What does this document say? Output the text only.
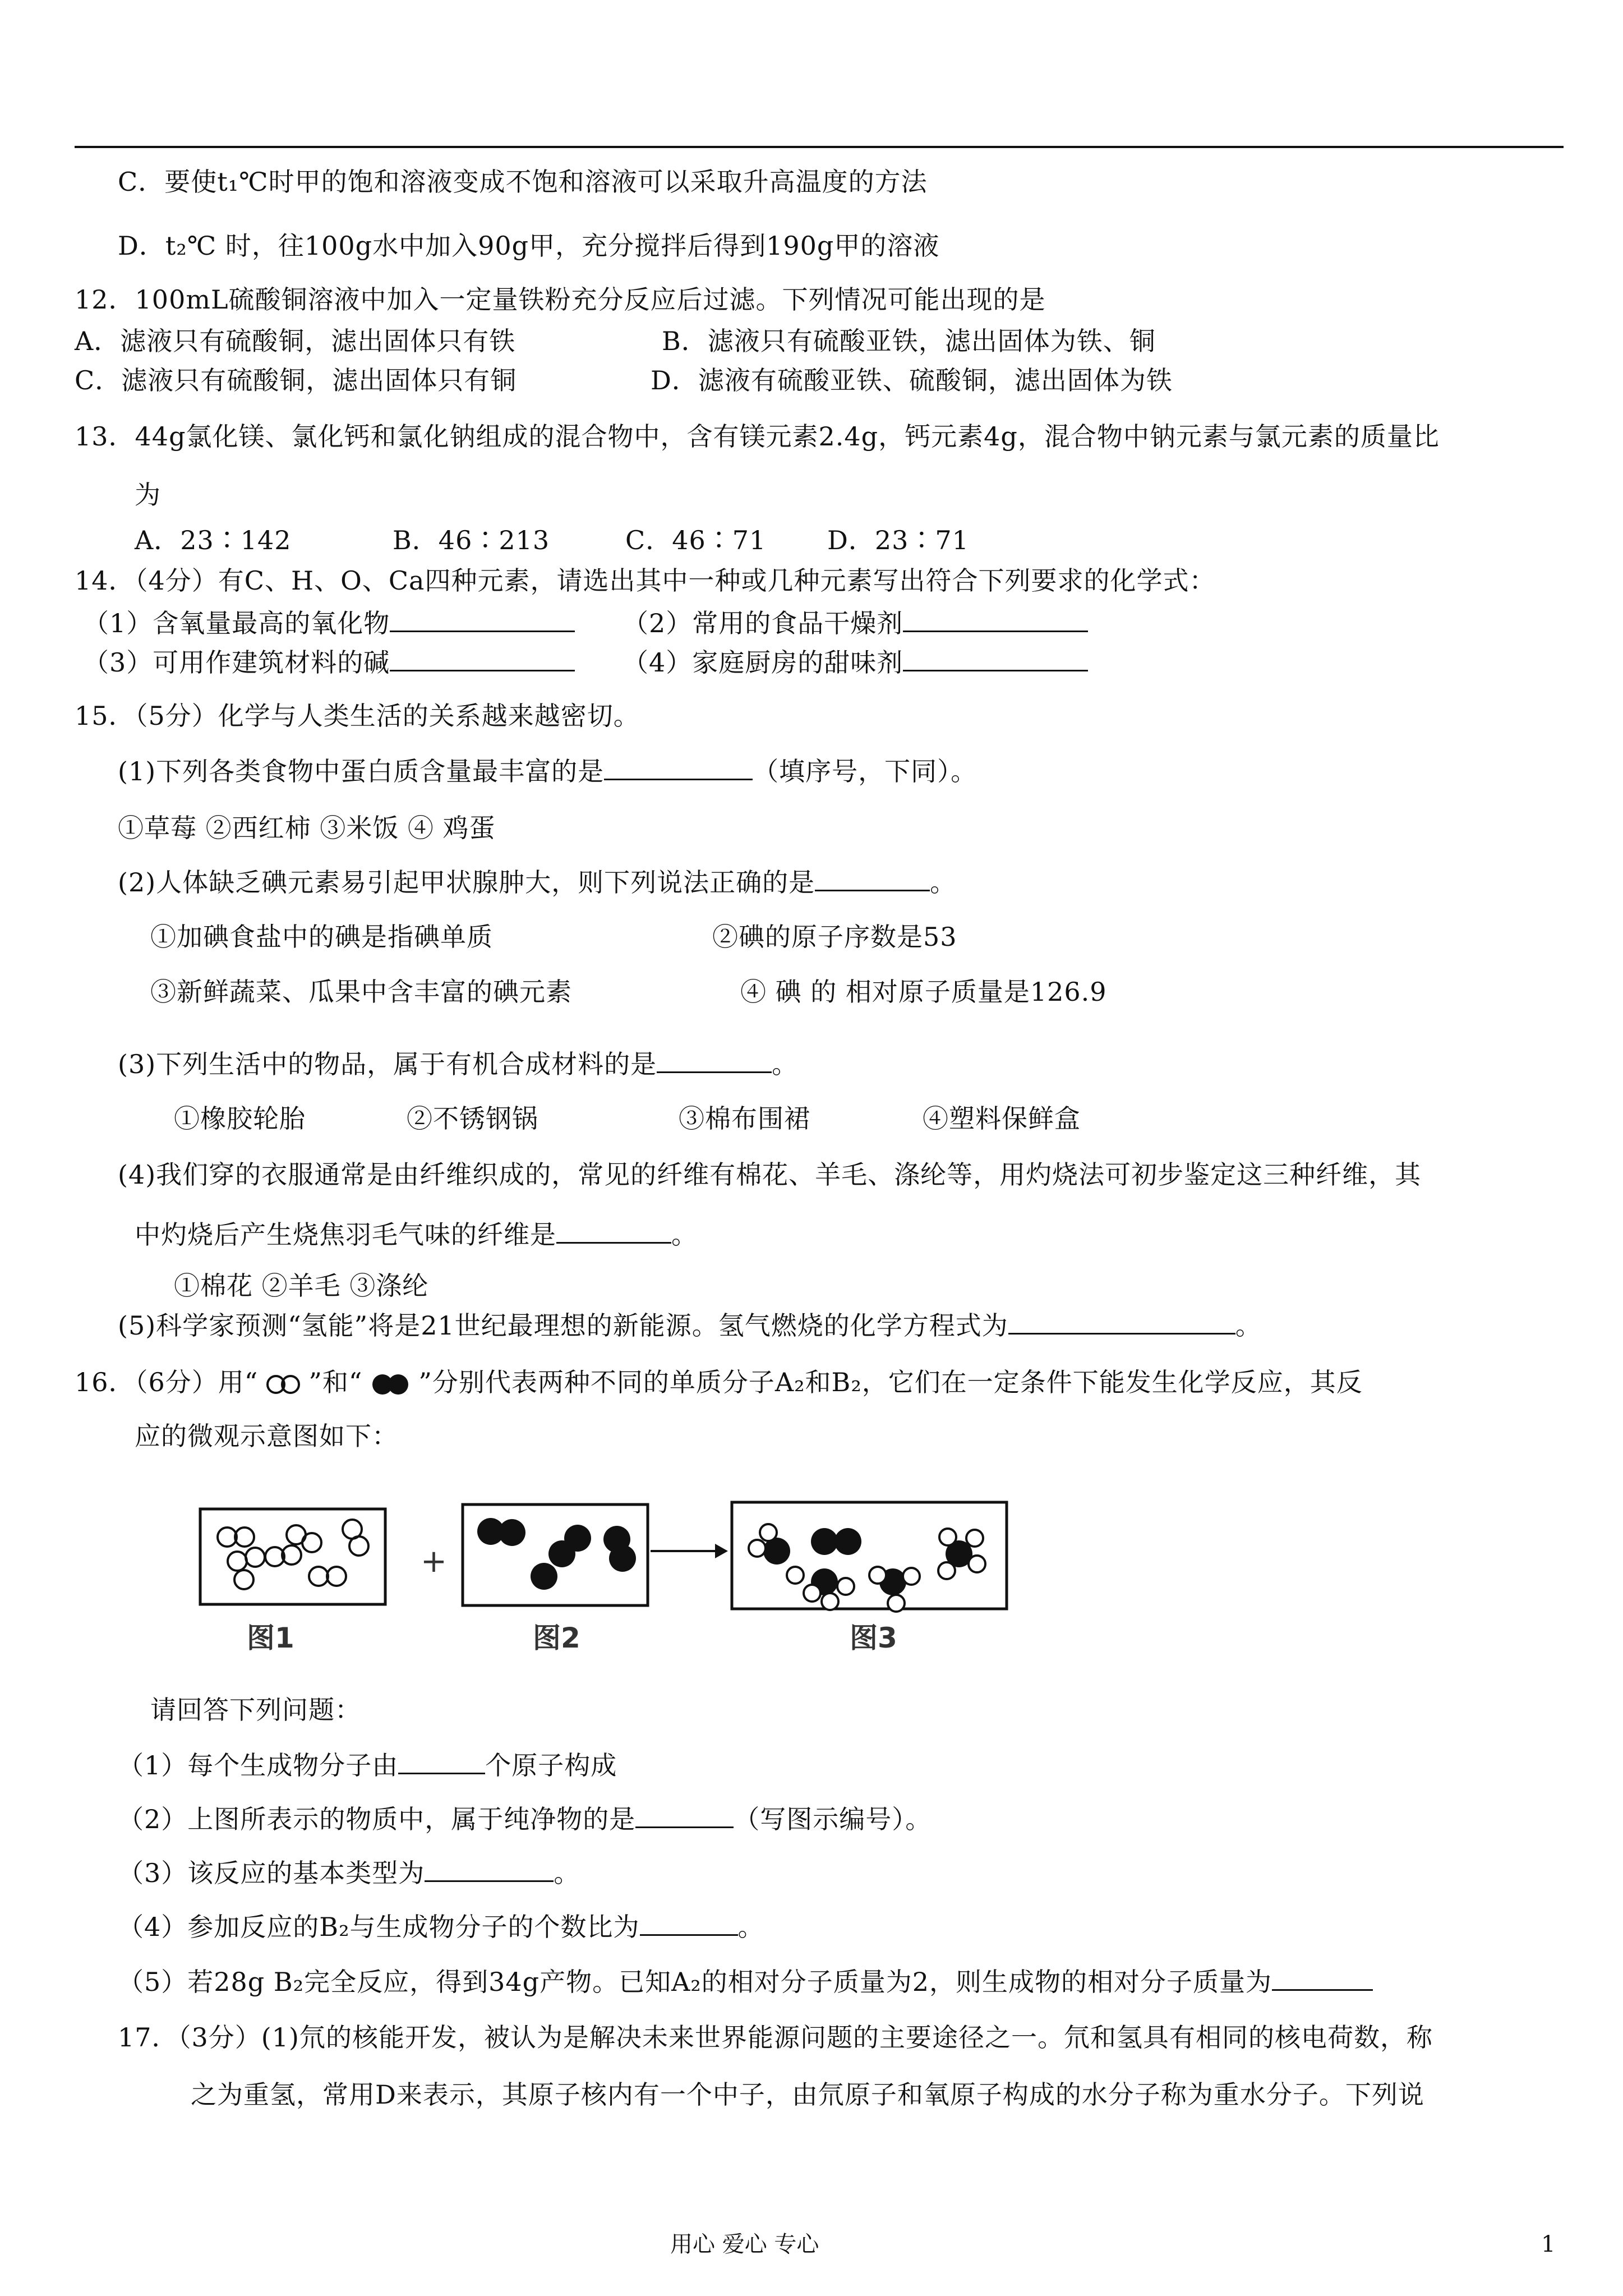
C．要使t₁℃时甲的饱和溶液变成不饱和溶液可以采取升高温度的方法
D．t₂℃ 时，往100g水中加入90g甲，充分搅拌后得到190g甲的溶液
12．100mL硫酸铜溶液中加入一定量铁粉充分反应后过滤。下列情况可能出现的是
A．滤液只有硫酸铜，滤出固体只有铁	B．滤液只有硫酸亚铁，滤出固体为铁、铜
C．滤液只有硫酸铜，滤出固体只有铜	D．滤液有硫酸亚铁、硫酸铜，滤出固体为铁
13．44g氯化镁、氯化钙和氯化钠组成的混合物中，含有镁元素2.4g，钙元素4g，混合物中钠元素与氯元素的质量比
为
A．23∶142	B．46∶213	C．46∶71 D．23∶71
14．（4分）有C、H、O、Ca四种元素，请选出其中一种或几种元素写出符合下列要求的化学式：
（1）含氧量最高的氧化物	（2）常用的食品干燥剂
（3）可用作建筑材料的碱	（4）家庭厨房的甜味剂
15．（5分）化学与人类生活的关系越来越密切。
(1)下列各类食物中蛋白质含量最丰富的是	（填序号，下同）。
①草莓 ②西红柿 ③米饭 ④ 鸡蛋
(2)人体缺乏碘元素易引起甲状腺肿大，则下列说法正确的是	。
①加碘食盐中的碘是指碘单质	②碘的原子序数是53
③新鲜蔬菜、瓜果中含丰富的碘元素	④ 碘 的 相对原子质量是126.9
(3)下列生活中的物品，属于有机合成材料的是	。
①橡胶轮胎	②不锈钢锅	③棉布围裙	④塑料保鲜盒
(4)我们穿的衣服通常是由纤维织成的，常见的纤维有棉花、羊毛、涤纶等，用灼烧法可初步鉴定这三种纤维，其
中灼烧后产生烧焦羽毛气味的纤维是	。
①棉花 ②羊毛 ③涤纶
(5)科学家预测“氢能”将是21世纪最理想的新能源。氢气燃烧的化学方程式为	。
16．（6分）用“ ”和“ ”分别代表两种不同的单质分子A₂和B₂，它们在一定条件下能发生化学反应，其反
应的微观示意图如下：
+
图1	图2	图3
请回答下列问题：
（1）每个生成物分子由	个原子构成
（2）上图所表示的物质中，属于纯净物的是	（写图示编号）。
（3）该反应的基本类型为	。
（4）参加反应的B₂与生成物分子的个数比为	。
（5）若28g B₂完全反应，得到34g产物。已知A₂的相对分子质量为2，则生成物的相对分子质量为
17．（3分）(1)氘的核能开发，被认为是解决未来世界能源问题的主要途径之一。氘和氢具有相同的核电荷数，称
之为重氢，常用D来表示，其原子核内有一个中子，由氘原子和氧原子构成的水分子称为重水分子。下列说
用心 爱心 专心	1
